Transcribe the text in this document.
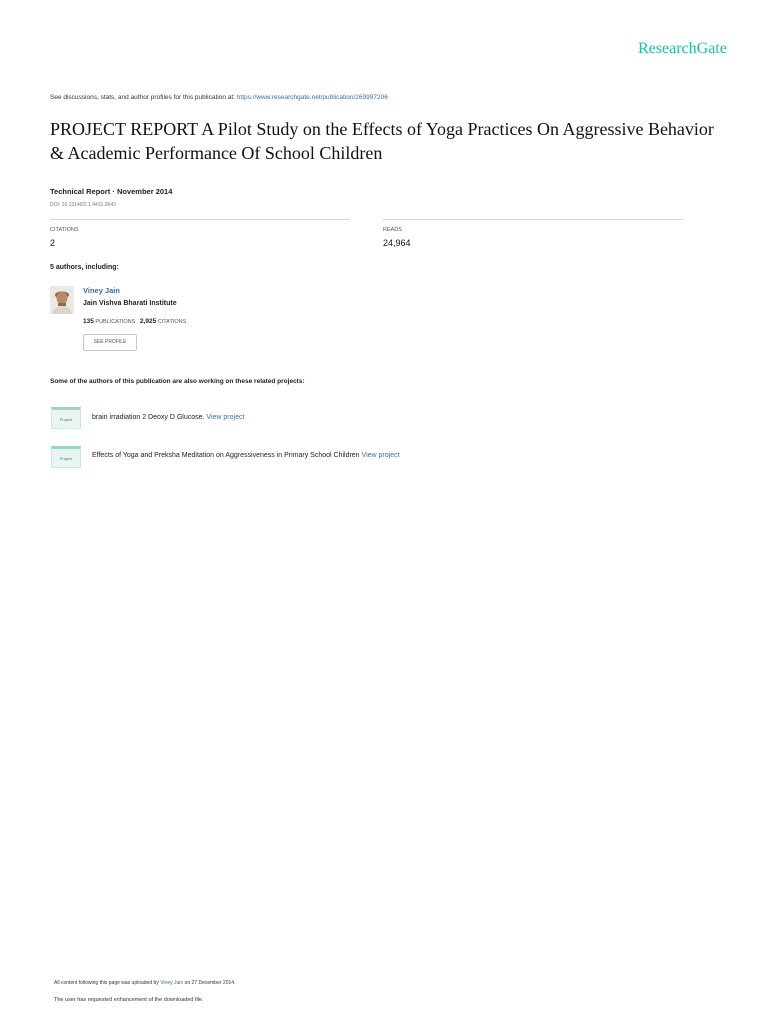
ResearchGate
See discussions, stats, and author profiles for this publication at: https://www.researchgate.net/publication/269997206
PROJECT REPORT A Pilot Study on the Effects of Yoga Practices On Aggressive Behavior & Academic Performance Of School Children
Technical Report · November 2014
DOI: 10.13140/2.1.4431.2643
CITATIONS
2
READS
24,964
5 authors, including:
Viney Jain
Jain Vishva Bharati Institute
135 PUBLICATIONS 2,925 CITATIONS
SEE PROFILE
Some of the authors of this publication are also working on these related projects:
Project	brain irradiation 2 Deoxy D Glucose. View project
Project	Effects of Yoga and Preksha Meditation on Aggressiveness in Primary School Children View project
All content following this page was uploaded by Viney Jain on 27 December 2014.
The user has requested enhancement of the downloaded file.
